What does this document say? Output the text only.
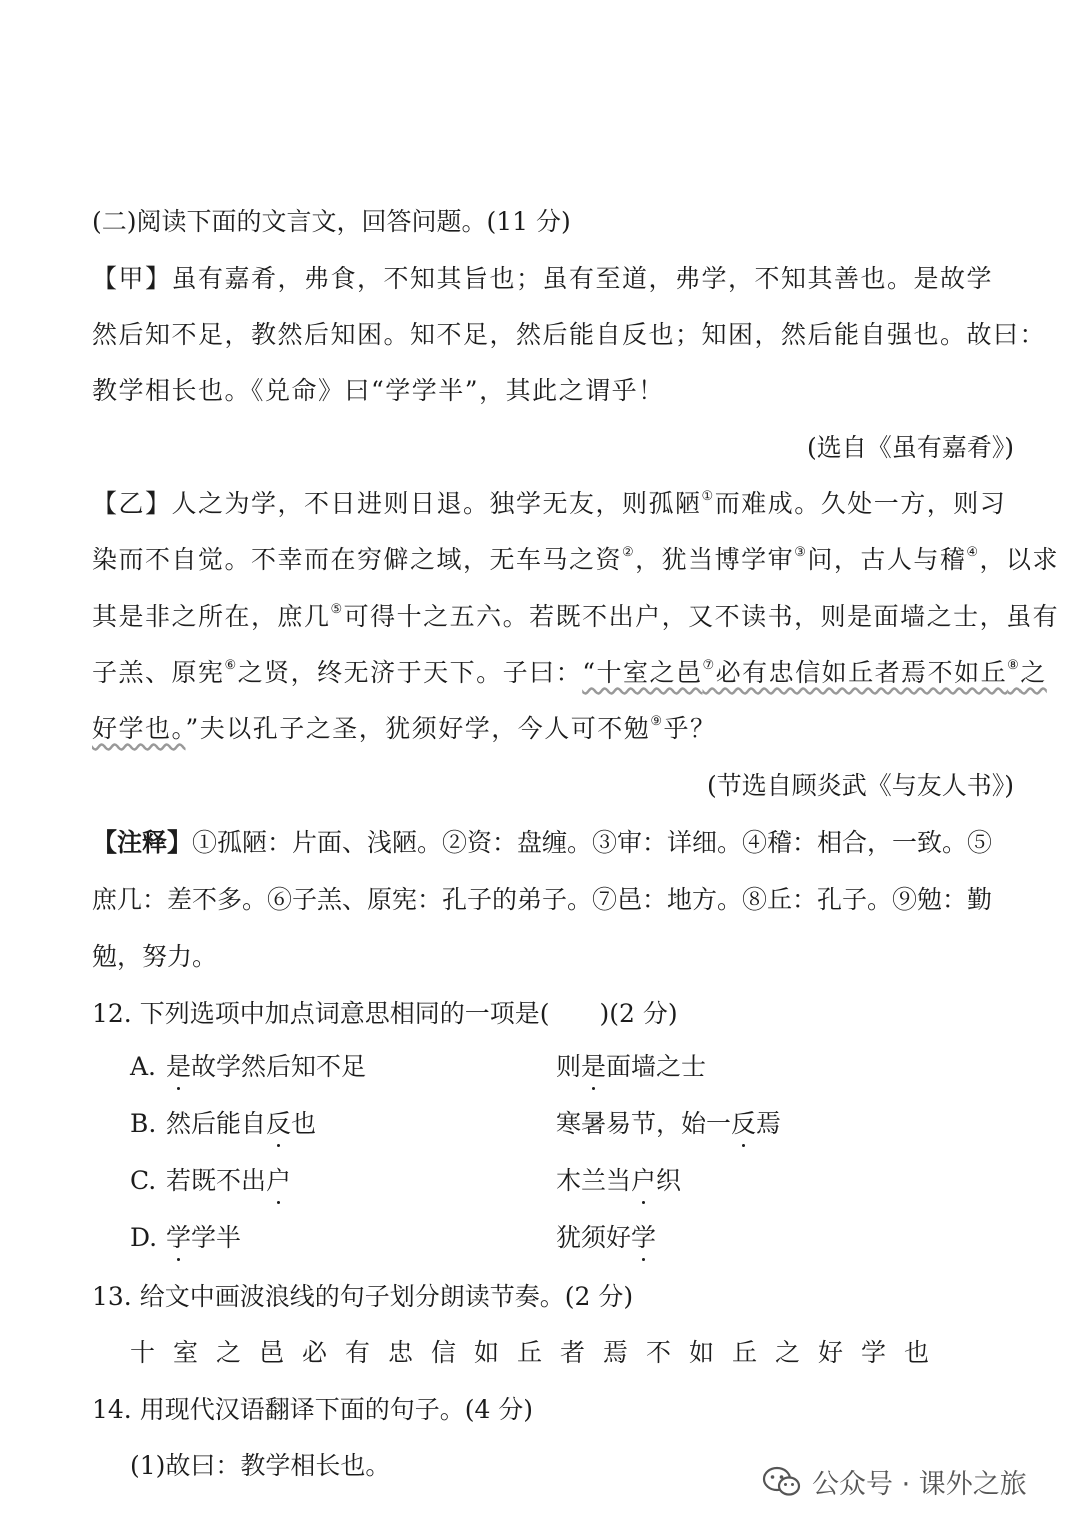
(二)阅读下面的文言文，回答问题。(11 分)
【甲】虽有嘉肴，弗食，不知其旨也；虽有至道，弗学，不知其善也。是故学
然后知不足，教然后知困。知不足，然后能自反也；知困，然后能自强也。故曰：
教学相长也。《兑命》曰“学学半”，其此之谓乎！
(选自《虽有嘉肴》)
【乙】人之为学，不日进则日退。独学无友，则孤陋①而难成。久处一方，则习
染而不自觉。不幸而在穷僻之域，无车马之资②，犹当博学审③问，古人与稽④，以求
其是非之所在，庶几⑤可得十之五六。若既不出户，又不读书，则是面墙之士，虽有
子羔、原宪⑥之贤，终无济于天下。子曰：“十室之邑⑦必有忠信如丘者焉不如丘⑧之
好学也。”夫以孔子之圣，犹须好学，今人可不勉⑨乎？
(节选自顾炎武《与友人书》)
【注释】①孤陋：片面、浅陋。②资：盘缠。③审：详细。④稽：相合，一致。⑤
庶几：差不多。⑥子羔、原宪：孔子的弟子。⑦邑：地方。⑧丘：孔子。⑨勉：勤
勉，努力。
12. 下列选项中加点词意思相同的一项是(　　)(2 分)
A. 是故学然后知不足	则是面墙之士
B. 然后能自反也	寒暑易节，始一反焉
C. 若既不出户	木兰当户织
D. 学学半	犹须好学
13. 给文中画波浪线的句子划分朗读节奏。(2 分)
十室之邑必有忠信如丘者焉不如丘之好学也
14. 用现代汉语翻译下面的句子。(4 分)
(1)故曰：教学相长也。
公众号 · 课外之旅
